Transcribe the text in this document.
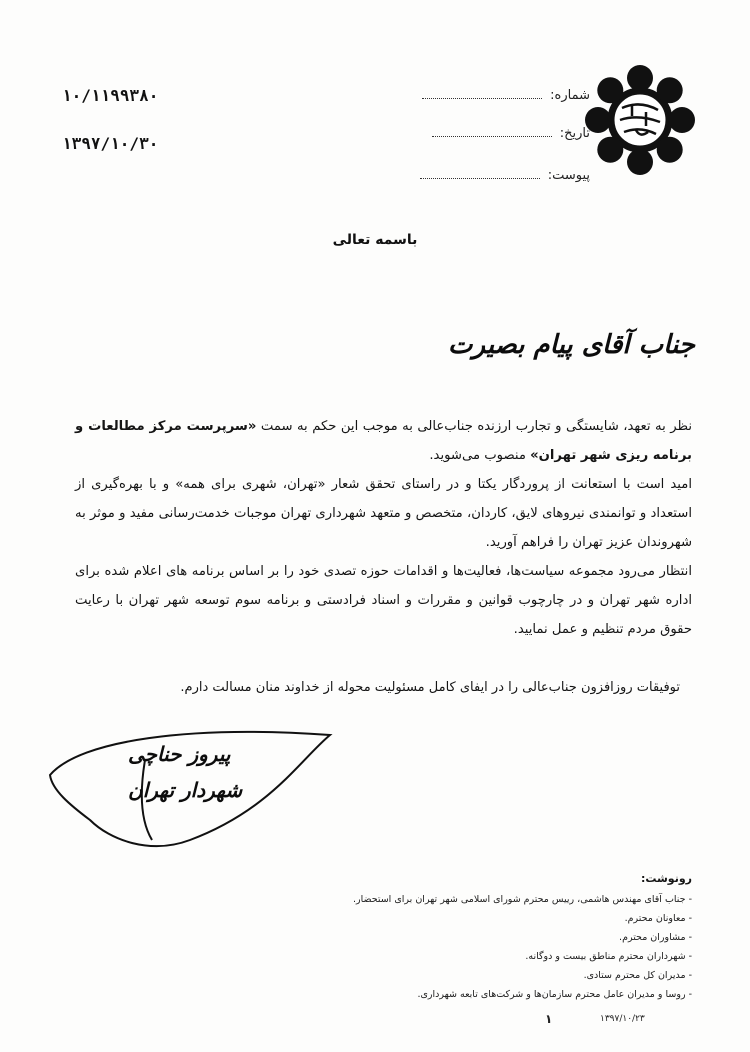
شماره:
۱۰/۱۱۹۹۳۸۰
تاریخ:
۱۳۹۷/۱۰/۳۰
پیوست:
باسمه تعالی
جناب آقای پیام بصیرت

نظر به تعهد، شایستگی و تجارب ارزنده جناب‌عالی به موجب این حکم به سمت «سرپرست مرکز مطالعات و برنامه ریزی شهر تهران» منصوب می‌شوید.

امید است با استعانت از پروردگار یکتا و در راستای تحقق شعار «تهران، شهری برای همه» و با بهره‌گیری از استعداد و توانمندی نیروهای لایق، کاردان، متخصص و متعهد شهرداری تهران موجبات خدمت‌رسانی مفید و موثر به شهروندان عزیز تهران را فراهم آورید.

انتظار می‌رود مجموعه سیاست‌ها، فعالیت‌ها و اقدامات حوزه تصدی خود را بر اساس برنامه های اعلام شده برای اداره شهر تهران و در چارچوب قوانین و مقررات و اسناد فرادستی و برنامه سوم توسعه شهر تهران با رعایت حقوق مردم تنظیم و عمل نمایید.

توفیقات روزافزون جناب‌عالی را در ایفای کامل مسئولیت محوله از خداوند منان مسالت دارم.
پیروز حناچی
شهردار تهران
رونوشت:
- جناب آقای مهندس هاشمی، رییس محترم شورای اسلامی شهر تهران برای استحضار.
- معاونان محترم.
- مشاوران محترم.
- شهرداران محترم مناطق بیست و دوگانه.
- مدیران کل محترم ستادی.
- روسا و مدیران عامل محترم سازمان‌ها و شرکت‌های تابعه شهرداری.
۱	۱۳۹۷/۱۰/۲۳
